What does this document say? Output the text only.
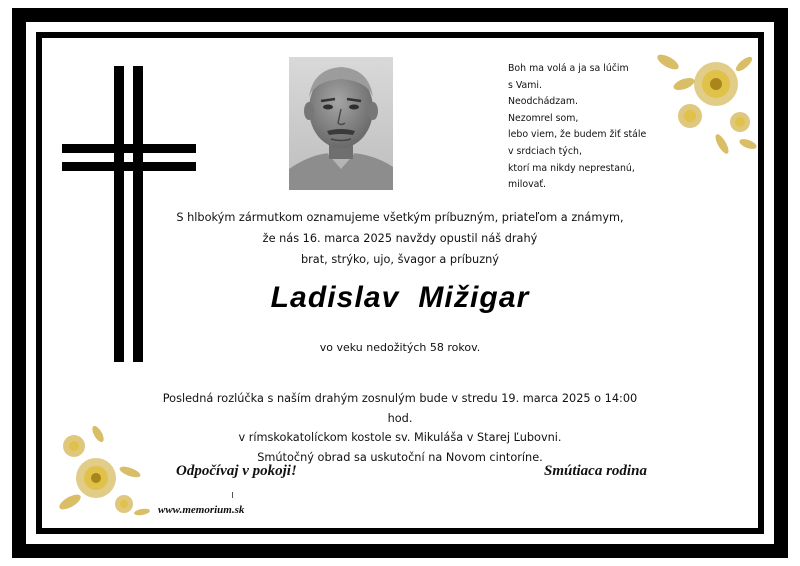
Boh ma volá a ja sa lúčim
s Vami.
Neodchádzam.
Nezomrel som,
lebo viem, že budem žiť stále
v srdciach tých,
ktorí ma nikdy neprestanú,
milovať.
S hlbokým zármutkom oznamujeme všetkým príbuzným, priateľom a známym,
že nás 16. marca 2025 navždy opustil náš drahý
brat, strýko, ujo, švagor a príbuzný
Ladislav  Mižigar
vo veku nedožitých 58 rokov.
Posledná rozlúčka s naším drahým zosnulým bude v stredu 19. marca 2025 o 14:00 hod.
v rímskokatolíckom kostole sv. Mikuláša v Starej Ľubovni.
Smútočný obrad sa uskutoční na Novom cintoríne.
Odpočívaj v pokoji!	Smútiaca rodina
www.memorium.sk
